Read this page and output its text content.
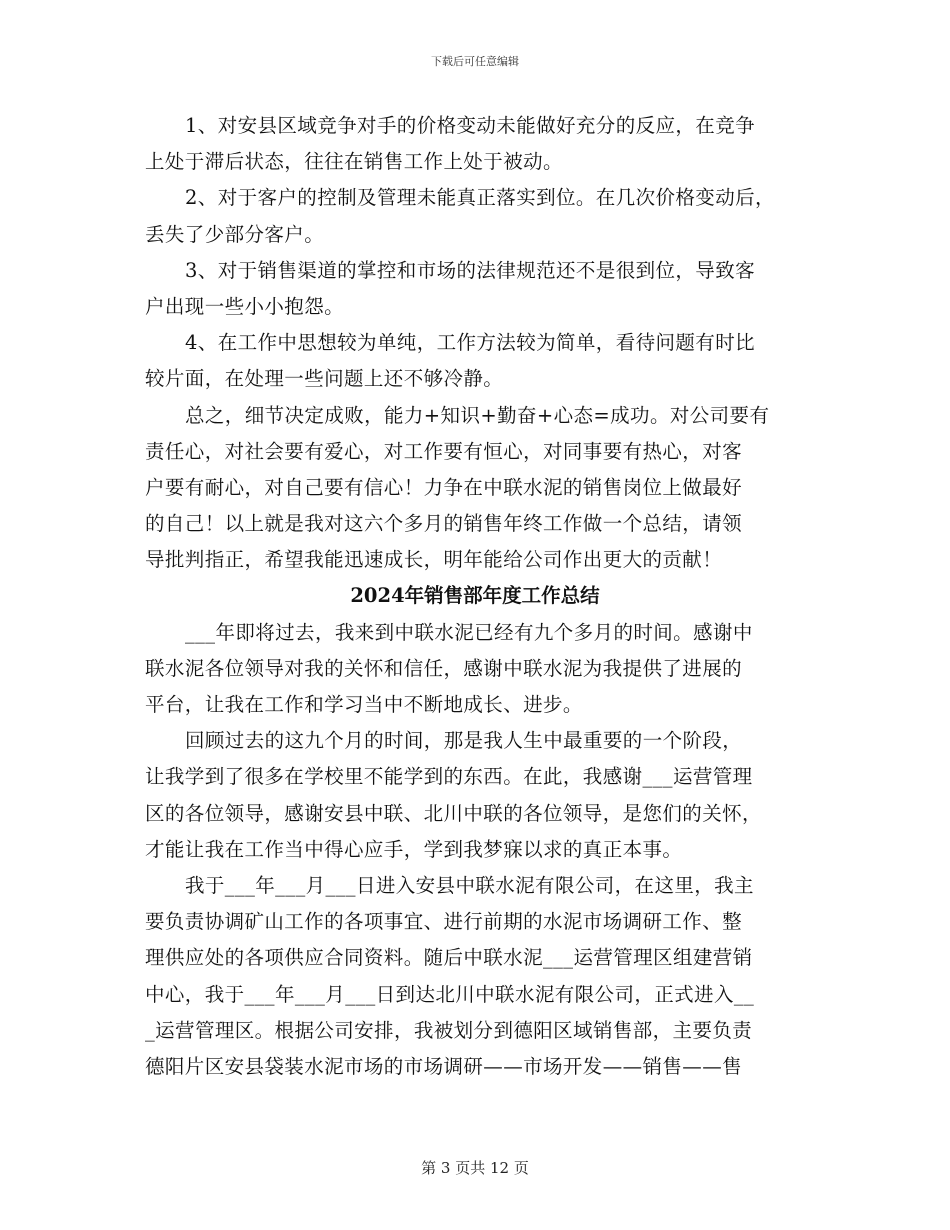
下载后可任意编辑
1、对安县区域竞争对手的价格变动未能做好充分的反应，在竞争
上处于滞后状态，往往在销售工作上处于被动。
2、对于客户的控制及管理未能真正落实到位。在几次价格变动后，
丢失了少部分客户。
3、对于销售渠道的掌控和市场的法律规范还不是很到位，导致客
户出现一些小小抱怨。
4、在工作中思想较为单纯，工作方法较为简单，看待问题有时比
较片面，在处理一些问题上还不够冷静。
总之，细节决定成败，能力+知识+勤奋+心态=成功。对公司要有
责任心，对社会要有爱心，对工作要有恒心，对同事要有热心，对客
户要有耐心，对自己要有信心！力争在中联水泥的销售岗位上做最好
的自己！以上就是我对这六个多月的销售年终工作做一个总结，请领
导批判指正，希望我能迅速成长，明年能给公司作出更大的贡献！
2024年销售部年度工作总结
___年即将过去，我来到中联水泥已经有九个多月的时间。感谢中
联水泥各位领导对我的关怀和信任，感谢中联水泥为我提供了进展的
平台，让我在工作和学习当中不断地成长、进步。
回顾过去的这九个月的时间，那是我人生中最重要的一个阶段，
让我学到了很多在学校里不能学到的东西。在此，我感谢___运营管理
区的各位领导，感谢安县中联、北川中联的各位领导，是您们的关怀，
才能让我在工作当中得心应手，学到我梦寐以求的真正本事。
我于___年___月___日进入安县中联水泥有限公司，在这里，我主
要负责协调矿山工作的各项事宜、进行前期的水泥市场调研工作、整
理供应处的各项供应合同资料。随后中联水泥___运营管理区组建营销
中心，我于___年___月___日到达北川中联水泥有限公司，正式进入__
_运营管理区。根据公司安排，我被划分到德阳区域销售部，主要负责
德阳片区安县袋装水泥市场的市场调研——市场开发——销售——售
第 3 页共 12 页
